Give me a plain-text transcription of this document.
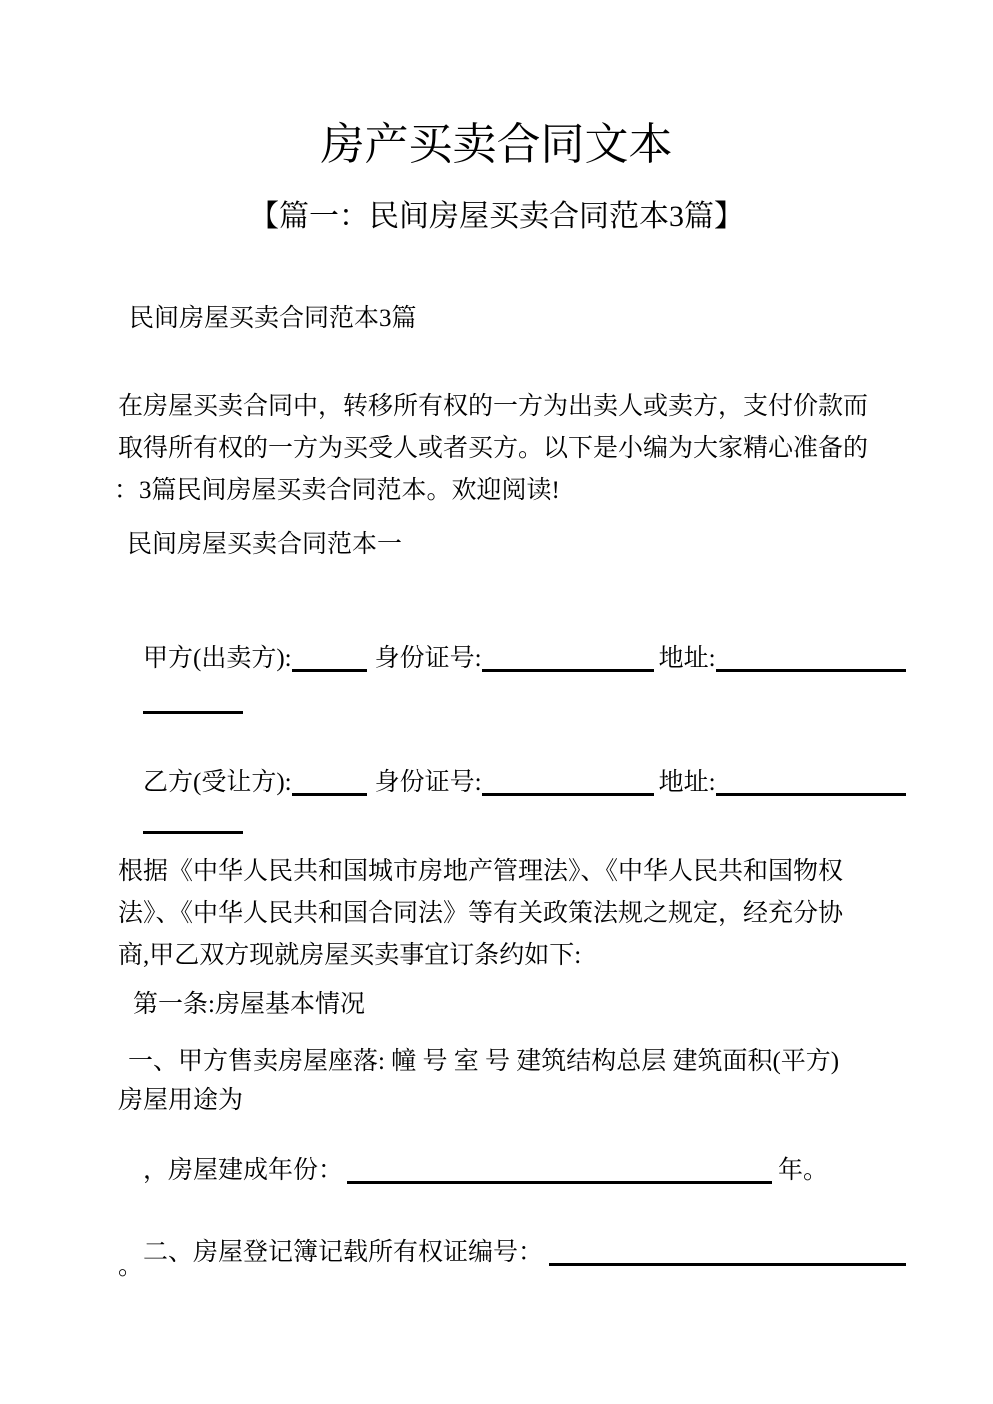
房产买卖合同文本
【篇一：民间房屋买卖合同范本3篇】
民间房屋买卖合同范本3篇
在房屋买卖合同中，转移所有权的一方为出卖人或卖方，支付价款而
取得所有权的一方为买受人或者买方。以下是小编为大家精心准备的
：3篇民间房屋买卖合同范本。欢迎阅读!
民间房屋买卖合同范本一

甲方(出卖方):	身份证号:	地址:

乙方(受让方):	身份证号:	地址:

根据《中华人民共和国城市房地产管理法》、《中华人民共和国物权
法》、《中华人民共和国合同法》等有关政策法规之规定，经充分协
商,甲乙双方现就房屋买卖事宜订条约如下:
第一条:房屋基本情况
一、甲方售卖房屋座落: 幢 号 室 号 建筑结构总层 建筑面积(平方)
房屋用途为

，房屋建成年份：	年。

二、房屋登记簿记载所有权证编号：

。
